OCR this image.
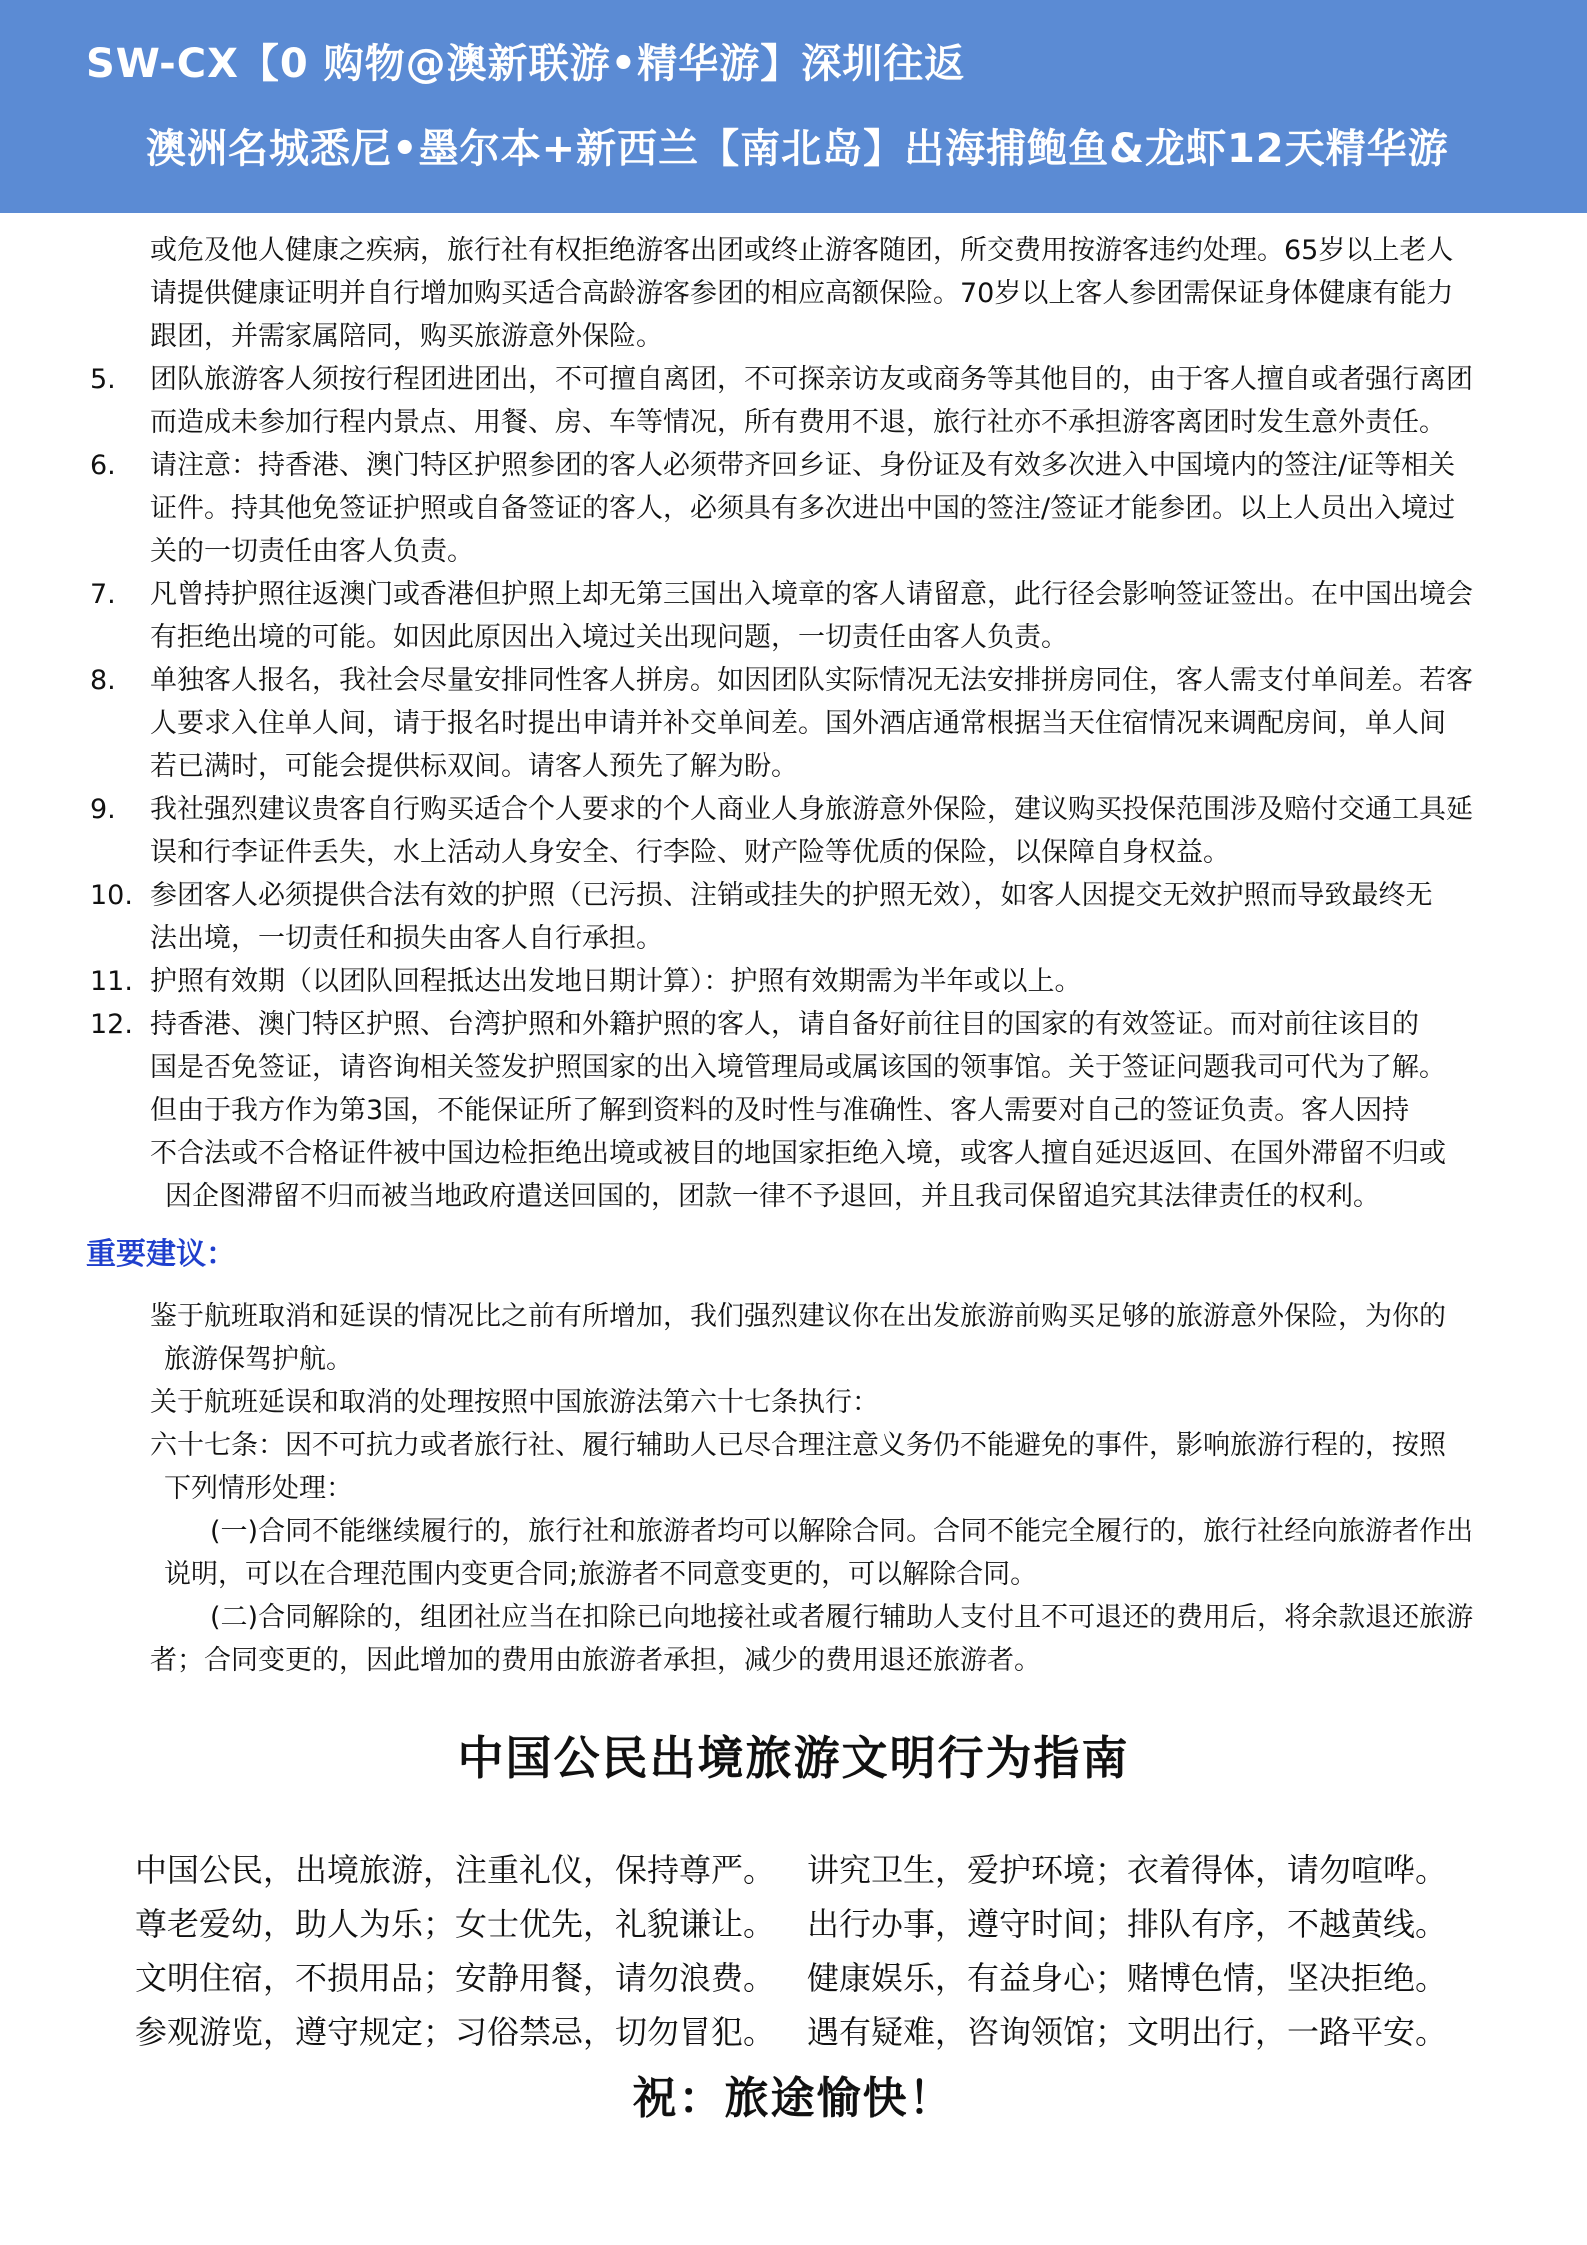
SW-CX【0 购物@澳新联游•精华游】深圳往返
澳洲名城悉尼•墨尔本+新西兰【南北岛】出海捕鲍鱼&龙虾12天精华游
或危及他人健康之疾病，旅行社有权拒绝游客出团或终止游客随团，所交费用按游客违约处理。65岁以上老人
请提供健康证明并自行增加购买适合高龄游客参团的相应高额保险。70岁以上客人参团需保证身体健康有能力
跟团，并需家属陪同，购买旅游意外保险。
5.	团队旅游客人须按行程团进团出，不可擅自离团，不可探亲访友或商务等其他目的，由于客人擅自或者强行离团
而造成未参加行程内景点、用餐、房、车等情况，所有费用不退，旅行社亦不承担游客离团时发生意外责任。
6.	请注意：持香港、澳门特区护照参团的客人必须带齐回乡证、身份证及有效多次进入中国境内的签注/证等相关
证件。持其他免签证护照或自备签证的客人，必须具有多次进出中国的签注/签证才能参团。以上人员出入境过
关的一切责任由客人负责。
7.	凡曾持护照往返澳门或香港但护照上却无第三国出入境章的客人请留意，此行径会影响签证签出。在中国出境会
有拒绝出境的可能。如因此原因出入境过关出现问题，一切责任由客人负责。
8.	单独客人报名，我社会尽量安排同性客人拼房。如因团队实际情况无法安排拼房同住，客人需支付单间差。若客
人要求入住单人间，请于报名时提出申请并补交单间差。国外酒店通常根据当天住宿情况来调配房间，单人间
若已满时，可能会提供标双间。请客人预先了解为盼。
9.	我社强烈建议贵客自行购买适合个人要求的个人商业人身旅游意外保险，建议购买投保范围涉及赔付交通工具延
误和行李证件丢失，水上活动人身安全、行李险、财产险等优质的保险，以保障自身权益。
10. 参团客人必须提供合法有效的护照（已污损、注销或挂失的护照无效），如客人因提交无效护照而导致最终无
法出境，一切责任和损失由客人自行承担。
11. 护照有效期（以团队回程抵达出发地日期计算）：护照有效期需为半年或以上。
12. 持香港、澳门特区护照、台湾护照和外籍护照的客人，请自备好前往目的国家的有效签证。而对前往该目的
国是否免签证，请咨询相关签发护照国家的出入境管理局或属该国的领事馆。关于签证问题我司可代为了解。
但由于我方作为第3国，不能保证所了解到资料的及时性与准确性、客人需要对自己的签证负责。客人因持
不合法或不合格证件被中国边检拒绝出境或被目的地国家拒绝入境，或客人擅自延迟返回、在国外滞留不归或
因企图滞留不归而被当地政府遣送回国的，团款一律不予退回，并且我司保留追究其法律责任的权利。
重要建议：

鉴于航班取消和延误的情况比之前有所增加，我们强烈建议你在出发旅游前购买足够的旅游意外保险，为你的
旅游保驾护航。

关于航班延误和取消的处理按照中国旅游法第六十七条执行：

六十七条：因不可抗力或者旅行社、履行辅助人已尽合理注意义务仍不能避免的事件，影响旅游行程的，按照
下列情形处理：

(一)合同不能继续履行的，旅行社和旅游者均可以解除合同。合同不能完全履行的，旅行社经向旅游者作出
说明，可以在合理范围内变更合同;旅游者不同意变更的，可以解除合同。

(二)合同解除的，组团社应当在扣除已向地接社或者履行辅助人支付且不可退还的费用后，将余款退还旅游
者；合同变更的，因此增加的费用由旅游者承担，减少的费用退还旅游者。

中国公民出境旅游文明行为指南
中国公民，出境旅游，注重礼仪，保持尊严。 讲究卫生，爱护环境；衣着得体，请勿喧哗。
尊老爱幼，助人为乐；女士优先，礼貌谦让。 出行办事，遵守时间；排队有序，不越黄线。
文明住宿，不损用品；安静用餐，请勿浪费。 健康娱乐，有益身心；赌博色情，坚决拒绝。
参观游览，遵守规定；习俗禁忌，切勿冒犯。 遇有疑难，咨询领馆；文明出行，一路平安。
祝：旅途愉快！
